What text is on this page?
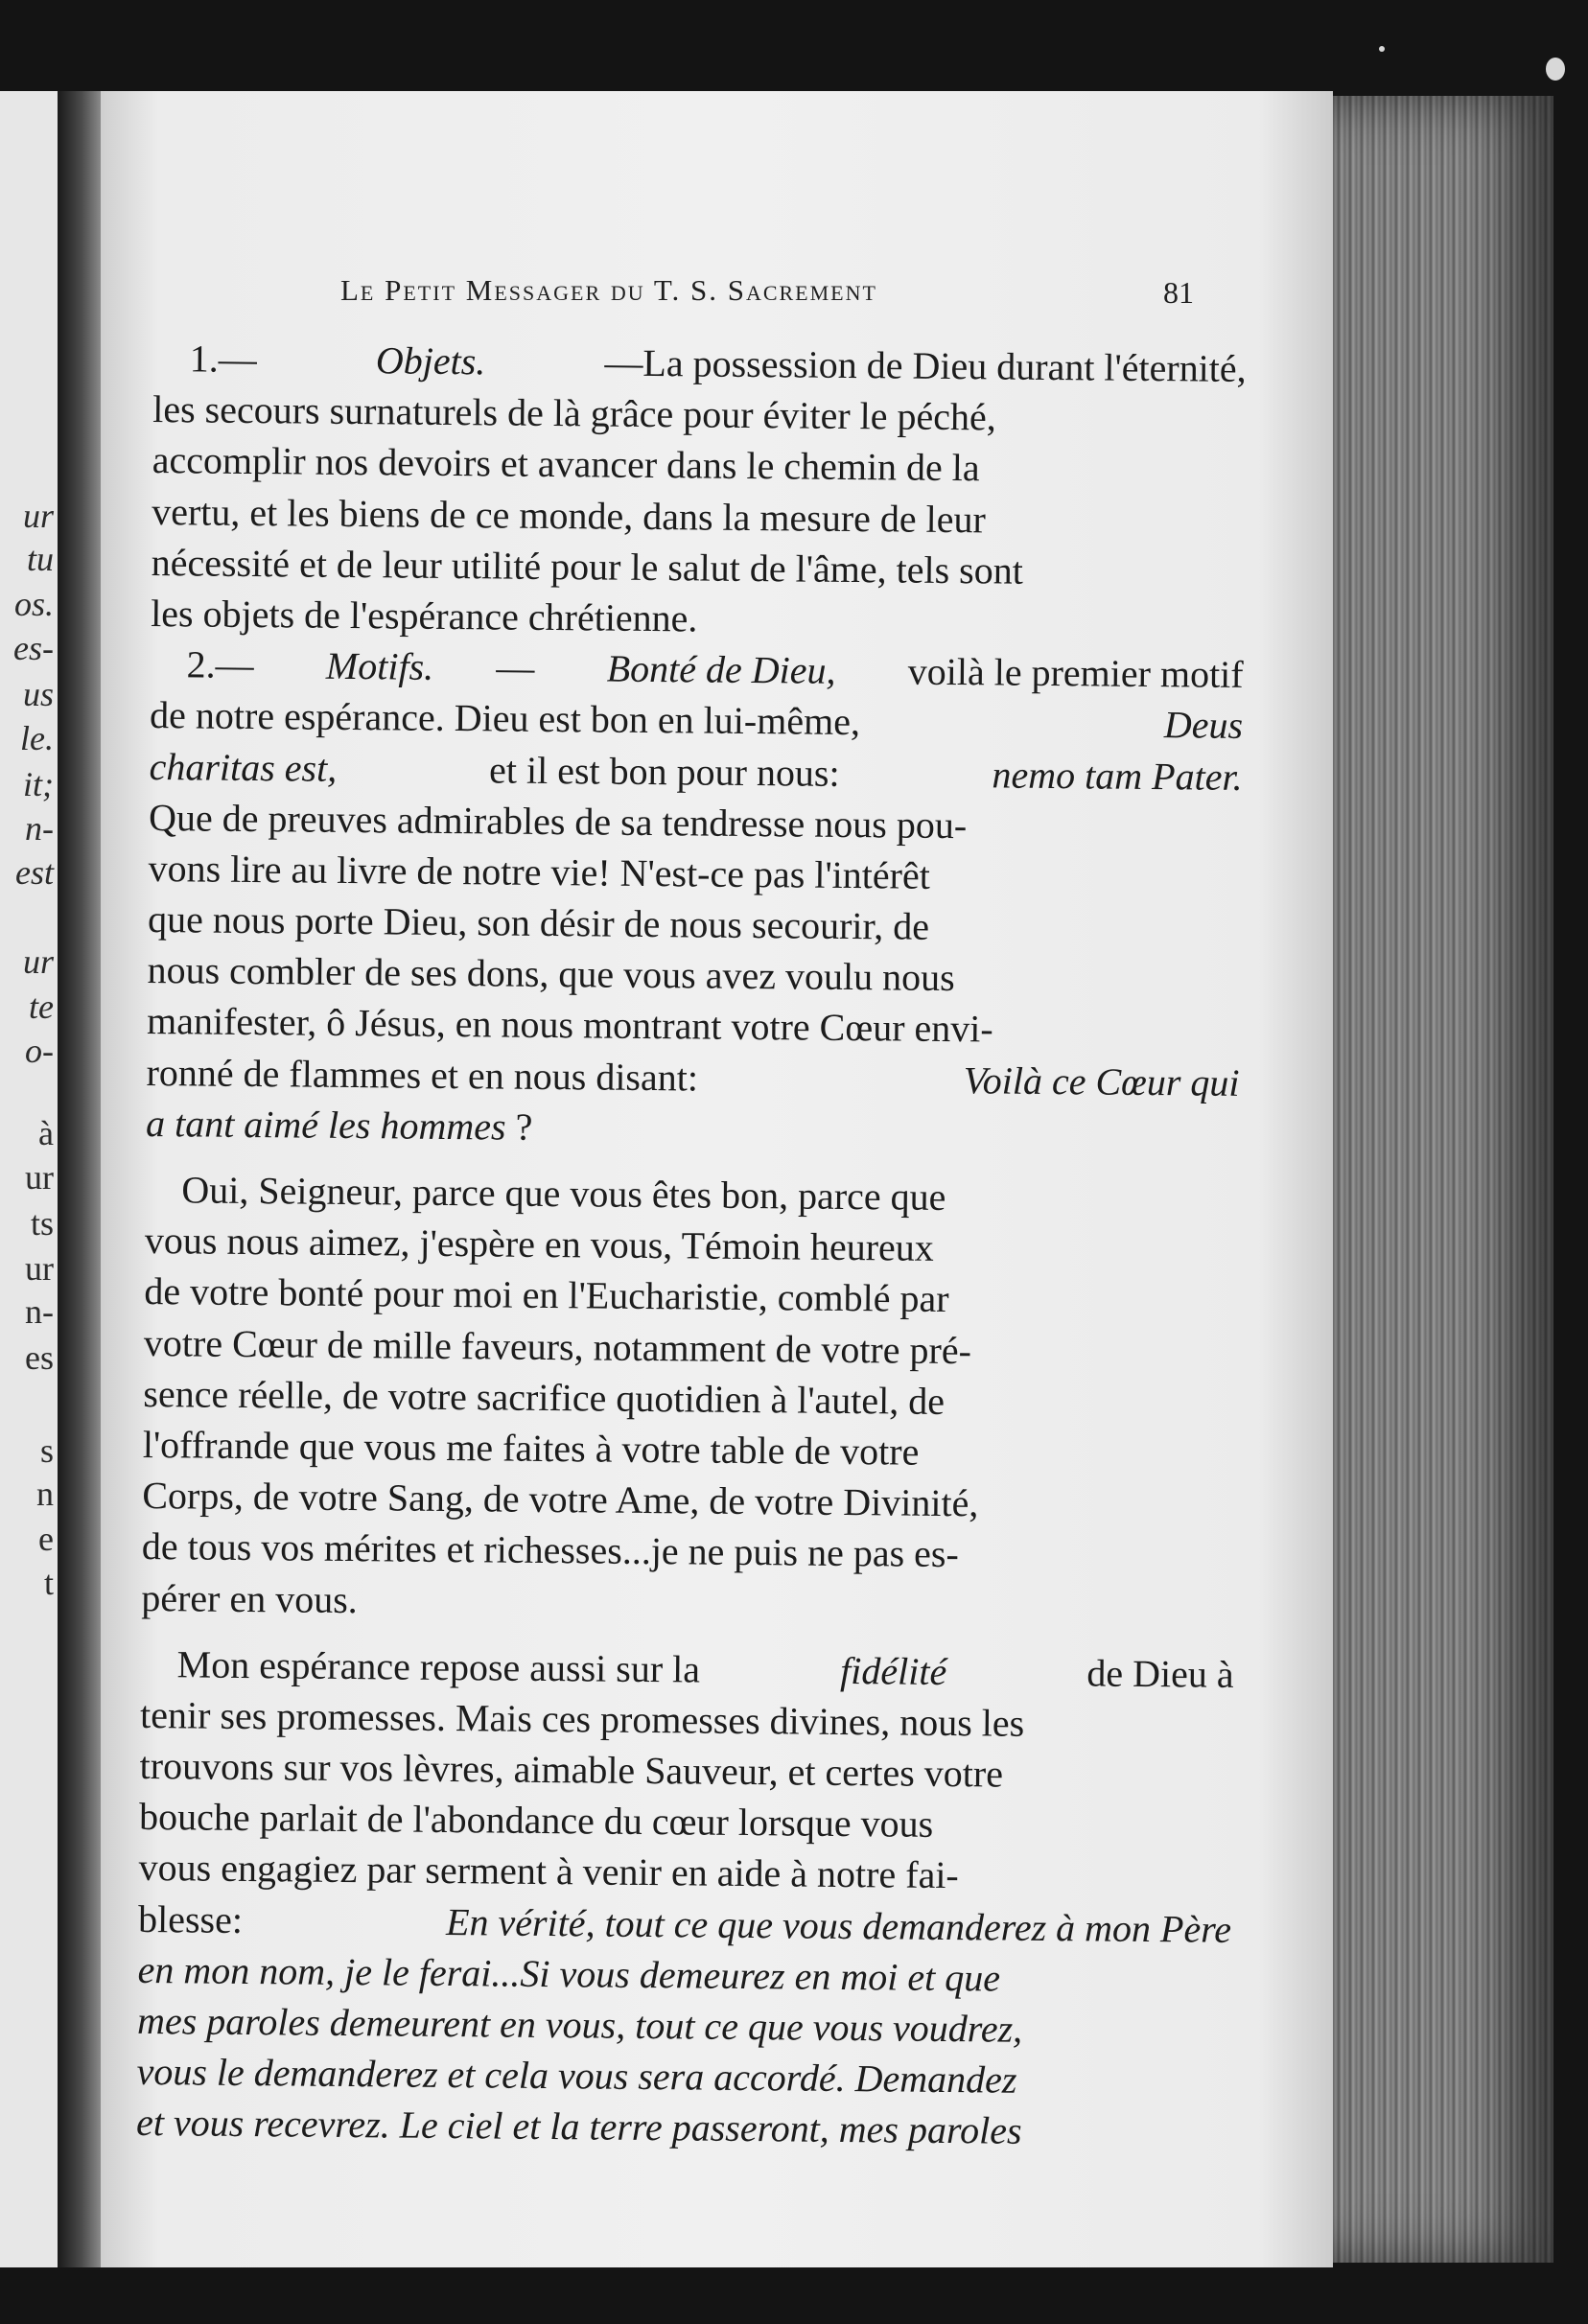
ur
tu
os.
es-
us
le.
it;
n-
est
ur
te
o-
à
ur
ts
ur
n-
es
s
n
e
t
Le Petit Messager du T. S. Sacrement	81
1.—	Objets.	—La possession de Dieu durant l'éternité,
les secours surnaturels de là grâce pour éviter le péché,
accomplir nos devoirs et avancer dans le chemin de la
vertu, et les biens de ce monde, dans la mesure de leur
nécessité et de leur utilité pour le salut de l'âme, tels sont
les objets de l'espérance chrétienne.
2.— Motifs. — Bonté de Dieu, voilà le premier motif
de notre espérance. Dieu est bon en lui-même,	Deus
charitas est,	et il est bon pour nous:	nemo tam Pater.
Que de preuves admirables de sa tendresse nous pou-
vons lire au livre de notre vie! N'est-ce pas l'intérêt
que nous porte Dieu, son désir de nous secourir, de
nous combler de ses dons, que vous avez voulu nous
manifester, ô Jésus, en nous montrant votre Cœur envi-
ronné de flammes et en nous disant:	Voilà ce Cœur qui
a tant aimé les hommes ?
Oui, Seigneur, parce que vous êtes bon, parce que
vous nous aimez, j'espère en vous, Témoin heureux
de votre bonté pour moi en l'Eucharistie, comblé par
votre Cœur de mille faveurs, notamment de votre pré-
sence réelle, de votre sacrifice quotidien à l'autel, de
l'offrande que vous me faites à votre table de votre
Corps, de votre Sang, de votre Ame, de votre Divinité,
de tous vos mérites et richesses...je ne puis ne pas es-
pérer en vous.
Mon espérance repose aussi sur la	fidélité	de Dieu à
tenir ses promesses. Mais ces promesses divines, nous les
trouvons sur vos lèvres, aimable Sauveur, et certes votre
bouche parlait de l'abondance du cœur lorsque vous
vous engagiez par serment à venir en aide à notre fai-
blesse:	En vérité, tout ce que vous demanderez à mon Père
en mon nom, je le ferai...Si vous demeurez en moi et que
mes paroles demeurent en vous, tout ce que vous voudrez,
vous le demanderez et cela vous sera accordé. Demandez
et vous recevrez. Le ciel et la terre passeront, mes paroles
